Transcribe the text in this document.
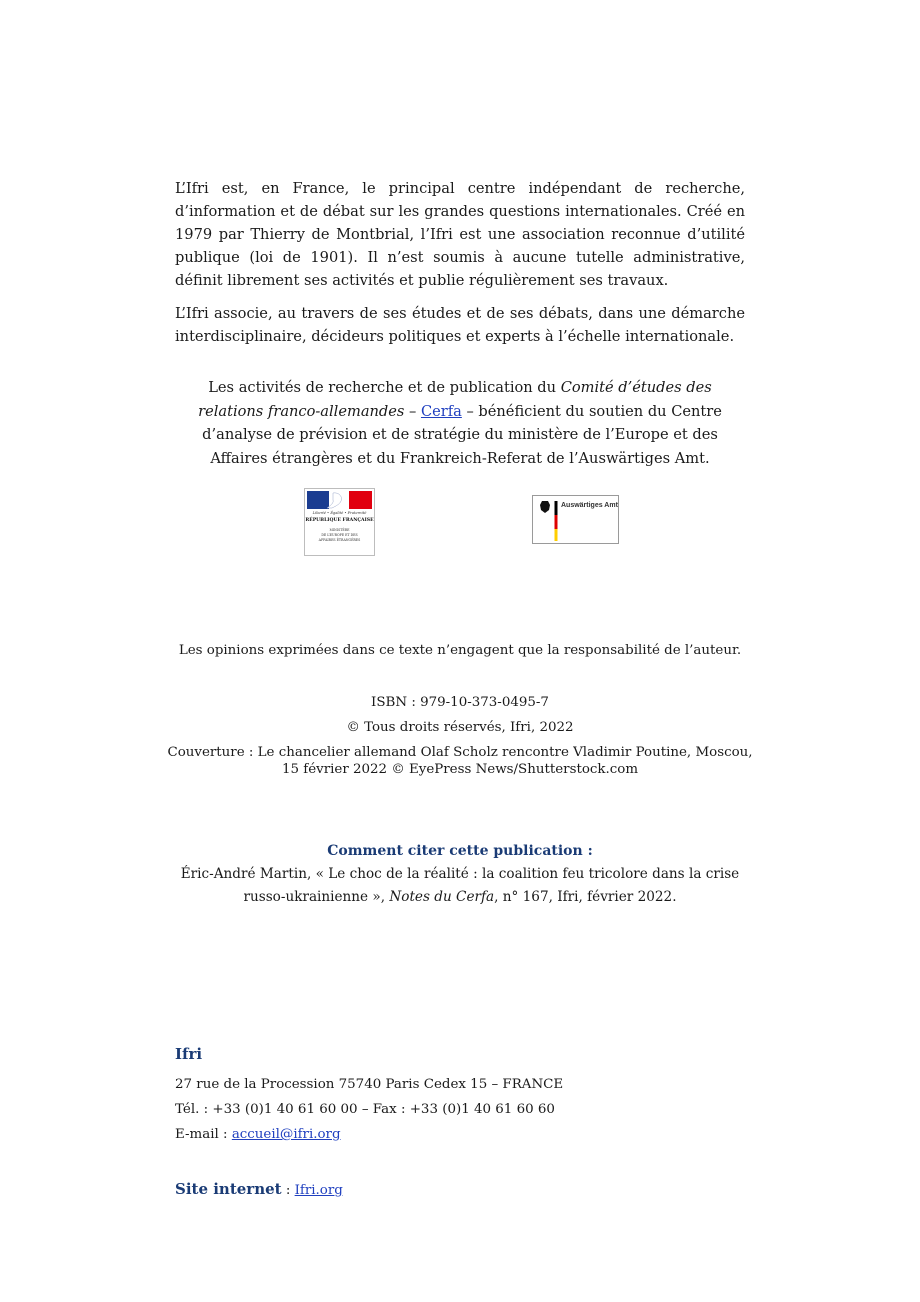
L’Ifri est, en France, le principal centre indépendant de recherche, d’information et de débat sur les grandes questions internationales. Créé en 1979 par Thierry de Montbrial, l’Ifri est une association reconnue d’utilité publique (loi de 1901). Il n’est soumis à aucune tutelle administrative, définit librement ses activités et publie régulièrement ses travaux.

L’Ifri associe, au travers de ses études et de ses débats, dans une démarche interdisciplinaire, décideurs politiques et experts à l’échelle internationale.

Les activités de recherche et de publication du Comité d’études des relations franco-allemandes – Cerfa – bénéficient du soutien du Centre d’analyse de prévision et de stratégie du ministère de l’Europe et des Affaires étrangères et du Frankreich-Referat de l’Auswärtiges Amt.
Liberté • Égalité • Fraternité
RÉPUBLIQUE FRANÇAISE
MINISTÈRE
DE L’EUROPE ET DES
AFFAIRES ÉTRANGÈRES
Auswärtiges Amt
Les opinions exprimées dans ce texte n’engagent que la responsabilité de l’auteur.
ISBN : 979-10-373-0495-7
© Tous droits réservés, Ifri, 2022
Couverture : Le chancelier allemand Olaf Scholz rencontre Vladimir Poutine, Moscou,
15 février 2022 © EyePress News/Shutterstock.com
Comment citer cette publication :
Éric-André Martin, « Le choc de la réalité : la coalition feu tricolore dans la crise
russo-ukrainienne », Notes du Cerfa, n° 167, Ifri, février 2022.
Ifri
27 rue de la Procession 75740 Paris Cedex 15 – FRANCE
Tél. : +33 (0)1 40 61 60 00 – Fax : +33 (0)1 40 61 60 60
E-mail : accueil@ifri.org
Site internet : Ifri.org
